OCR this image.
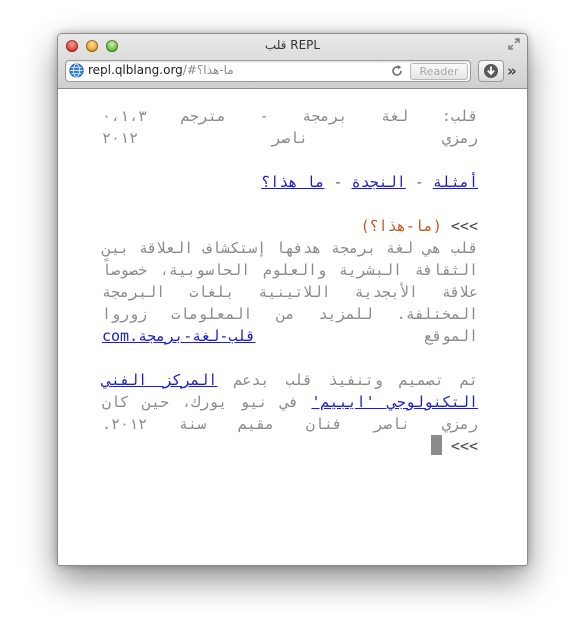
قلب REPL
repl.qlblang.org/#ما-هذا؟	Reader	»
قلب: لغة برمجة - مترجم ٠،١،٣
رمزي ناصر ٢٠١٢
أمثلة - النجدة - ما هذا؟
(ما-هذا؟) <<<
قلب هي لغة برمجة هدفها إستكشاف العلاقة بين الثقافة البشرية والعلوم الحاسوبية، خصوصاً علاقة الأبجدية اللاتينية بلغات البرمجة المختلفة. للمزيد من المعلومات زوروا الموقع قلب-لغة-برمجة.com
تم تصميم وتنفيذ قلب بدعم المركز الفني التكنولوجي 'ايبيم' في نيو يورك، حين كان رمزي ناصر فنان مقيم سنة ٢٠١٢.
<<<
